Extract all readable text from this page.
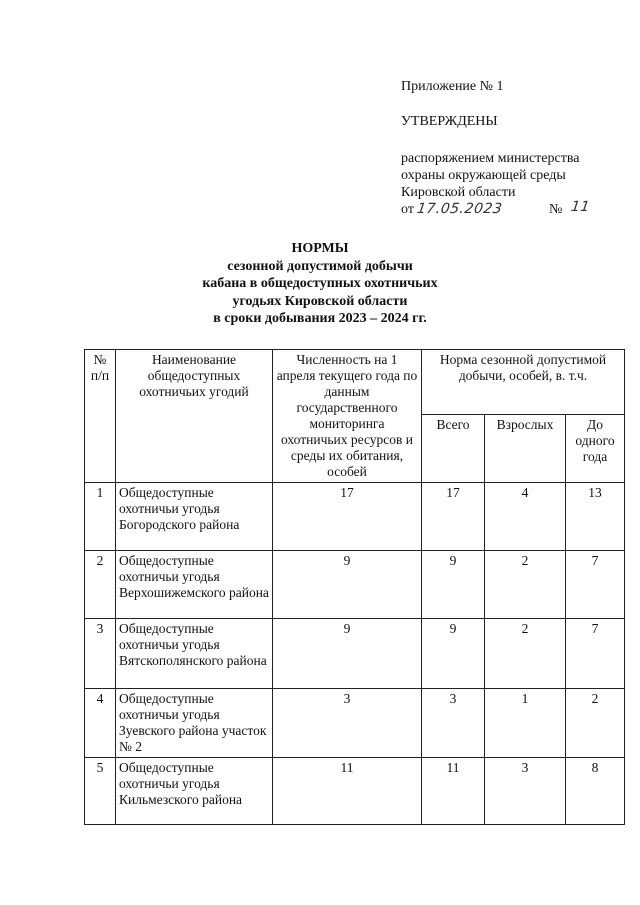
Приложение № 1
УТВЕРЖДЕНЫ
распоряжением министерства
охраны окружающей среды
Кировской области
от 17.05.2023	№ 11
НОРМЫ
сезонной допустимой добычи
кабана в общедоступных охотничьих
угодьях Кировской области
в сроки добывания 2023 – 2024 гг.
№ п/п	Наименование общедоступных охотничьих угодий	Численность на 1 апреля текущего года по данным государственного мониторинга охотничьих ресурсов и среды их обитания, особей	Норма сезонной допустимой добычи, особей, в. т.ч.		
			Всего	Взрослых	До одного года
1	Общедоступные охотничьи угодья Богородского района	17	17	4	13
2	Общедоступные охотничьи угодья Верхошижемского района	9	9	2	7
3	Общедоступные охотничьи угодья Вятскополянского района	9	9	2	7
4	Общедоступные охотничьи угодья Зуевского района участок № 2	3	3	1	2
5	Общедоступные охотничьи угодья Кильмезского района	11	11	3	8
